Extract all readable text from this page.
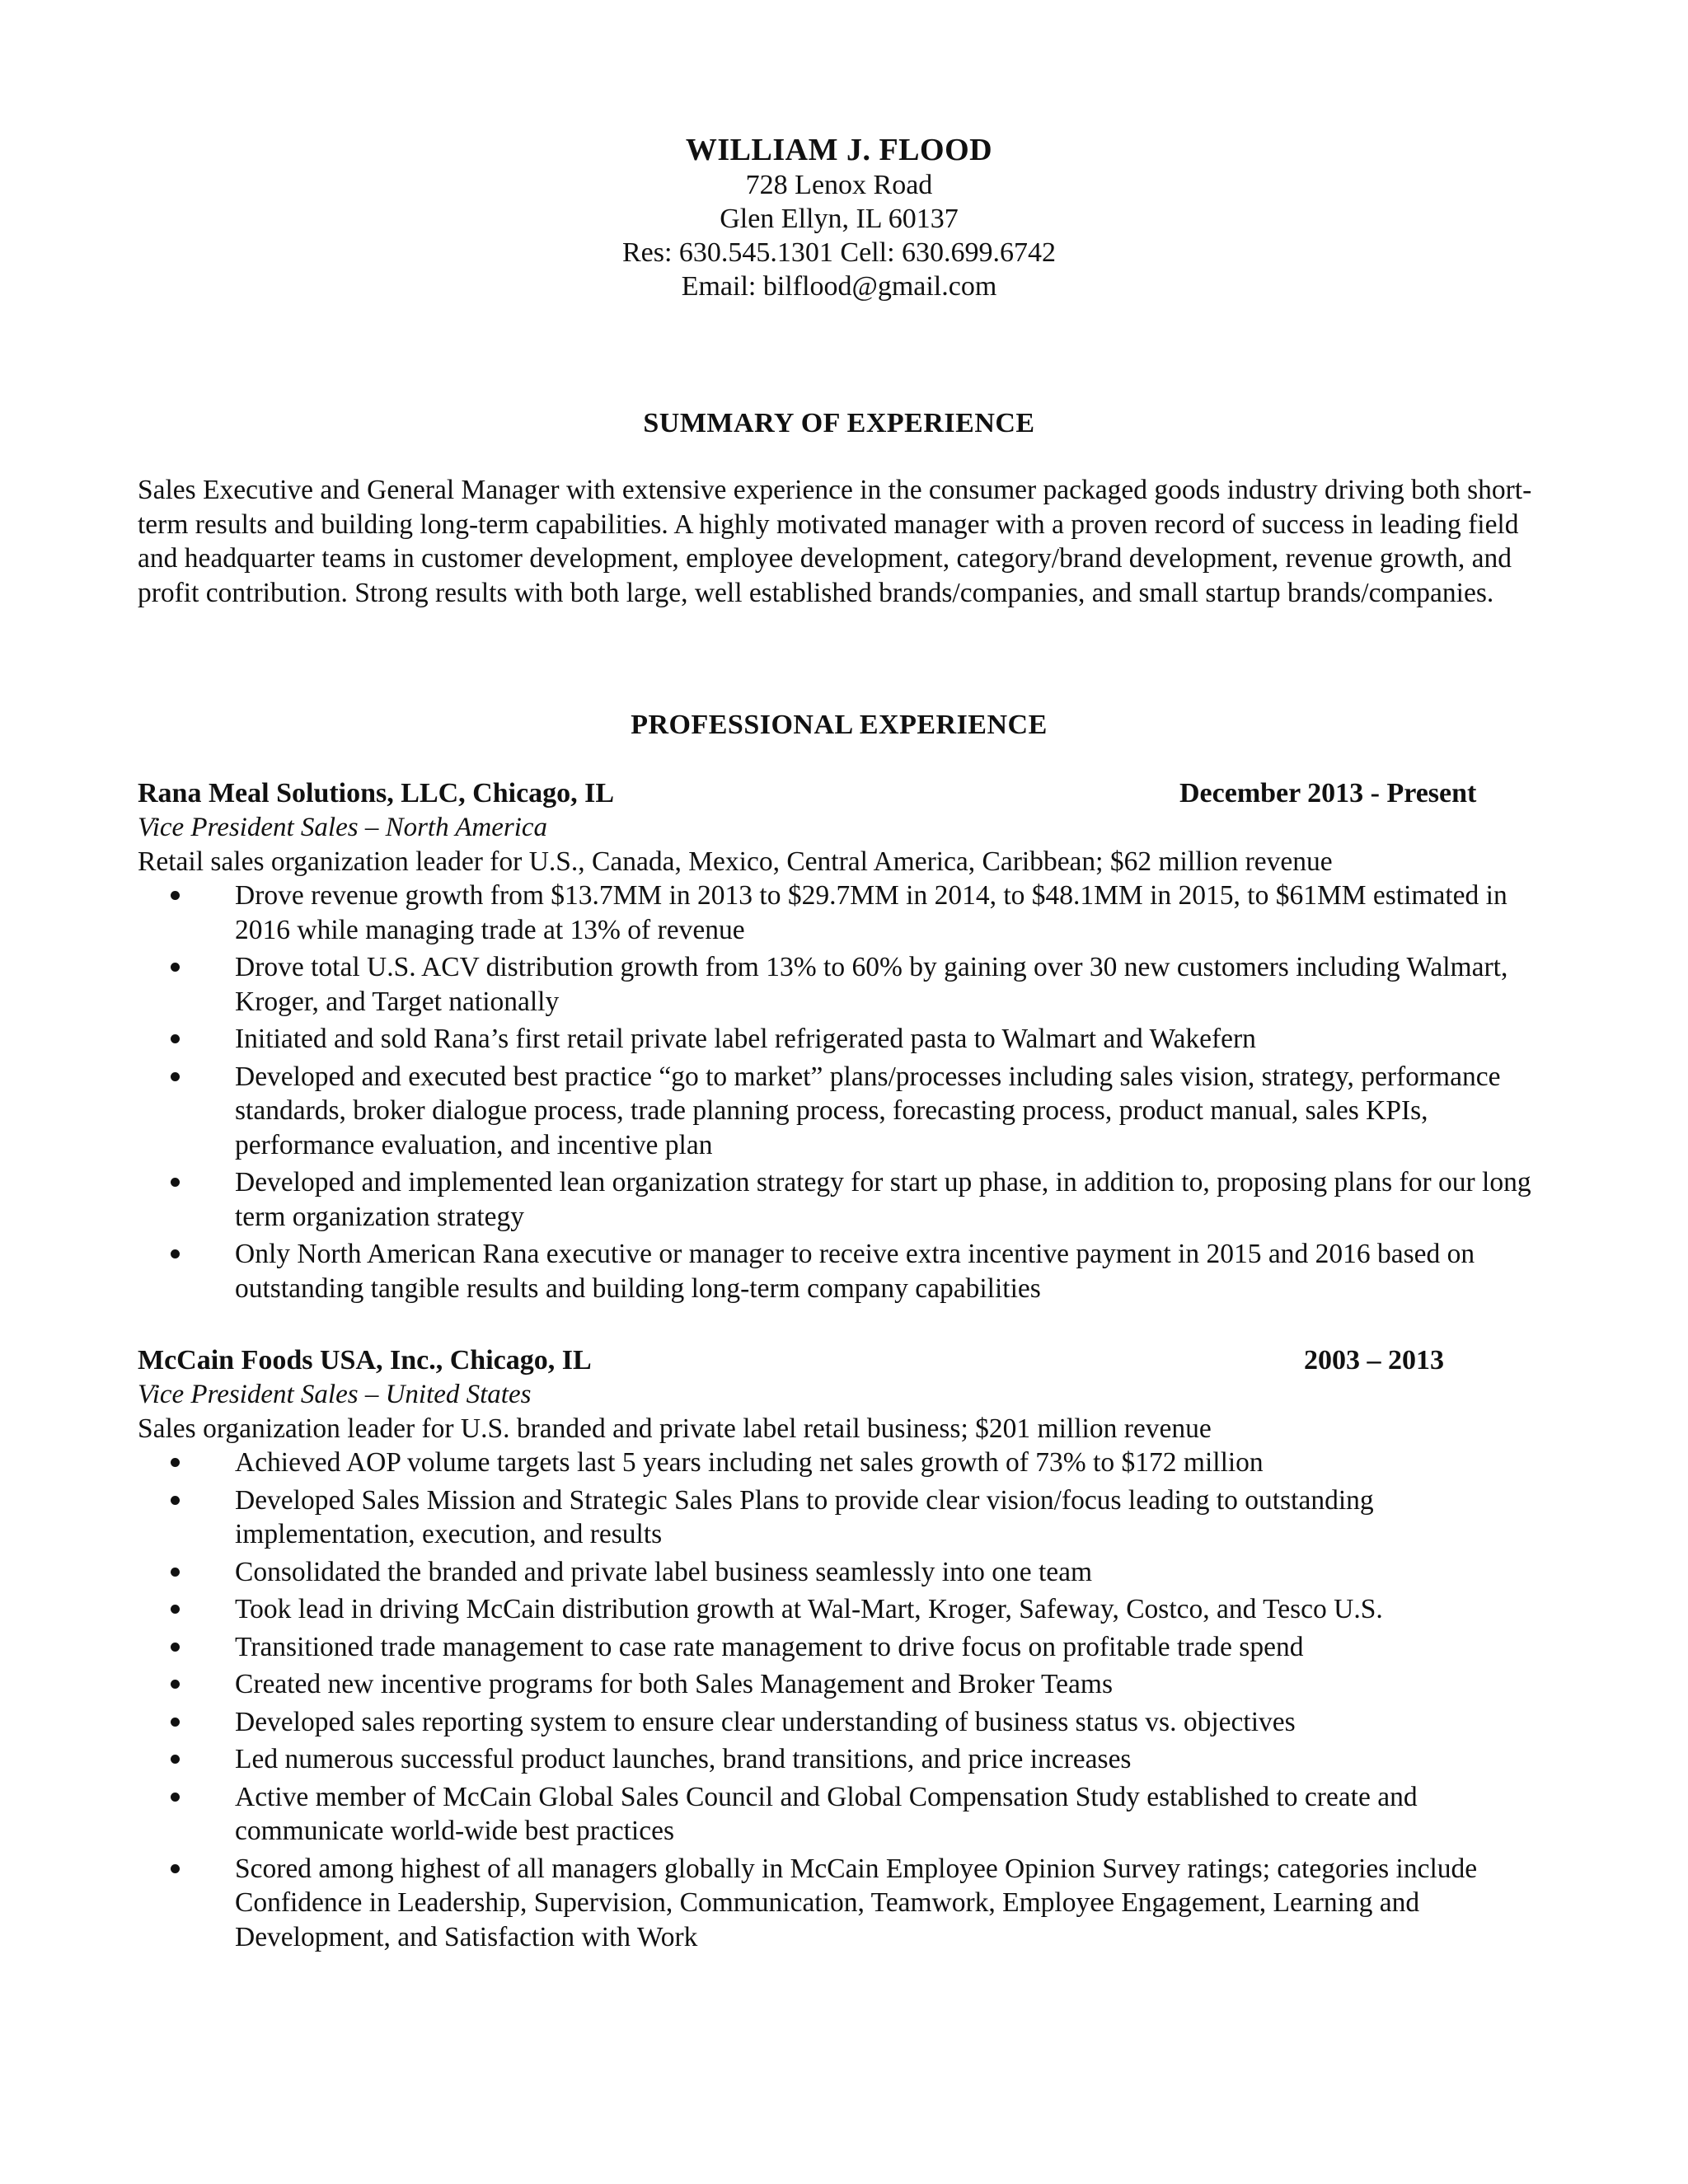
WILLIAM J. FLOOD
728 Lenox Road
Glen Ellyn, IL 60137
Res: 630.545.1301 Cell: 630.699.6742
Email: bilflood@gmail.com
SUMMARY OF EXPERIENCE

Sales Executive and General Manager with extensive experience in the consumer packaged goods industry driving both short-term results and building long-term capabilities. A highly motivated manager with a proven record of success in leading field and headquarter teams in customer development, employee development, category/brand development, revenue growth, and profit contribution. Strong results with both large, well established brands/companies, and small startup brands/companies.

PROFESSIONAL EXPERIENCE
Rana Meal Solutions, LLC, Chicago, IL	December 2013 - Present
Vice President Sales – North America
Retail sales organization leader for U.S., Canada, Mexico, Central America, Caribbean; $62 million revenue
Drove revenue growth from $13.7MM in 2013 to $29.7MM in 2014, to $48.1MM in 2015, to $61MM estimated in 2016 while managing trade at 13% of revenue
Drove total U.S. ACV distribution growth from 13% to 60% by gaining over 30 new customers including Walmart, Kroger, and Target nationally
Initiated and sold Rana’s first retail private label refrigerated pasta to Walmart and Wakefern
Developed and executed best practice “go to market” plans/processes including sales vision, strategy, performance standards, broker dialogue process, trade planning process, forecasting process, product manual, sales KPIs, performance evaluation, and incentive plan
Developed and implemented lean organization strategy for start up phase, in addition to, proposing plans for our long term organization strategy
Only North American Rana executive or manager to receive extra incentive payment in 2015 and 2016 based on outstanding tangible results and building long-term company capabilities
McCain Foods USA, Inc., Chicago, IL	2003 – 2013
Vice President Sales – United States
Sales organization leader for U.S. branded and private label retail business; $201 million revenue
Achieved AOP volume targets last 5 years including net sales growth of 73% to $172 million
Developed Sales Mission and Strategic Sales Plans to provide clear vision/focus leading to outstanding implementation, execution, and results
Consolidated the branded and private label business seamlessly into one team
Took lead in driving McCain distribution growth at Wal-Mart, Kroger, Safeway, Costco, and Tesco U.S.
Transitioned trade management to case rate management to drive focus on profitable trade spend
Created new incentive programs for both Sales Management and Broker Teams
Developed sales reporting system to ensure clear understanding of business status vs. objectives
Led numerous successful product launches, brand transitions, and price increases
Active member of McCain Global Sales Council and Global Compensation Study established to create and communicate world-wide best practices
Scored among highest of all managers globally in McCain Employee Opinion Survey ratings; categories include Confidence in Leadership, Supervision, Communication, Teamwork, Employee Engagement, Learning and Development, and Satisfaction with Work
